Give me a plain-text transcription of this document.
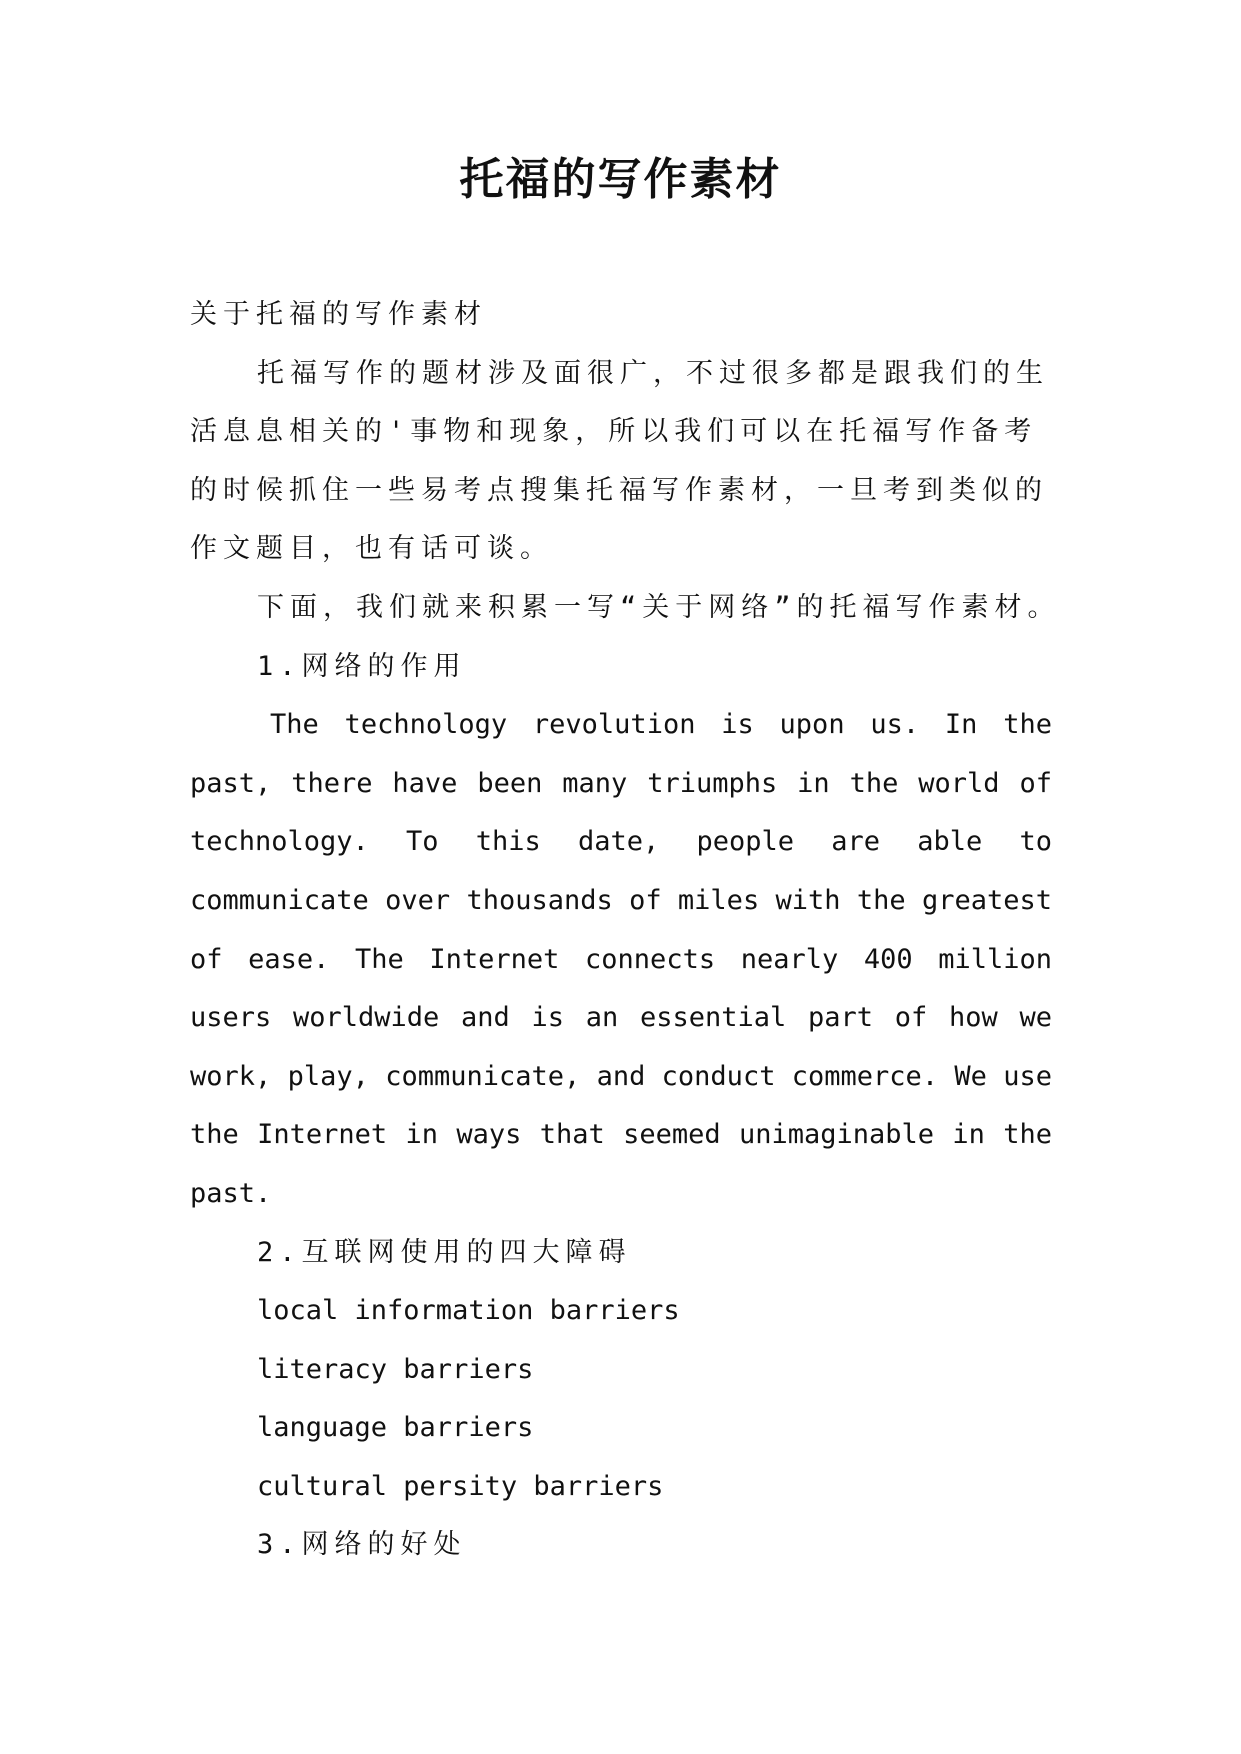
托福的写作素材

关于托福的写作素材

托福写作的题材涉及面很广，不过很多都是跟我们的生

活息息相关的'事物和现象，所以我们可以在托福写作备考

的时候抓住一些易考点搜集托福写作素材，一旦考到类似的

作文题目，也有话可谈。

下面，我们就来积累一写“关于网络”的托福写作素材。

1.网络的作用

The technology revolution is upon us. In the past, there have been many triumphs in the world of technology. To this date, people are able to communicate over thousands of miles with the greatest of ease. The Internet connects nearly 400 million users worldwide and is an essential part of how we work, play, communicate, and conduct commerce. We use the Internet in ways that seemed unimaginable in the past.

2.互联网使用的四大障碍

local information barriers

literacy barriers

language barriers

cultural persity barriers

3.网络的好处
